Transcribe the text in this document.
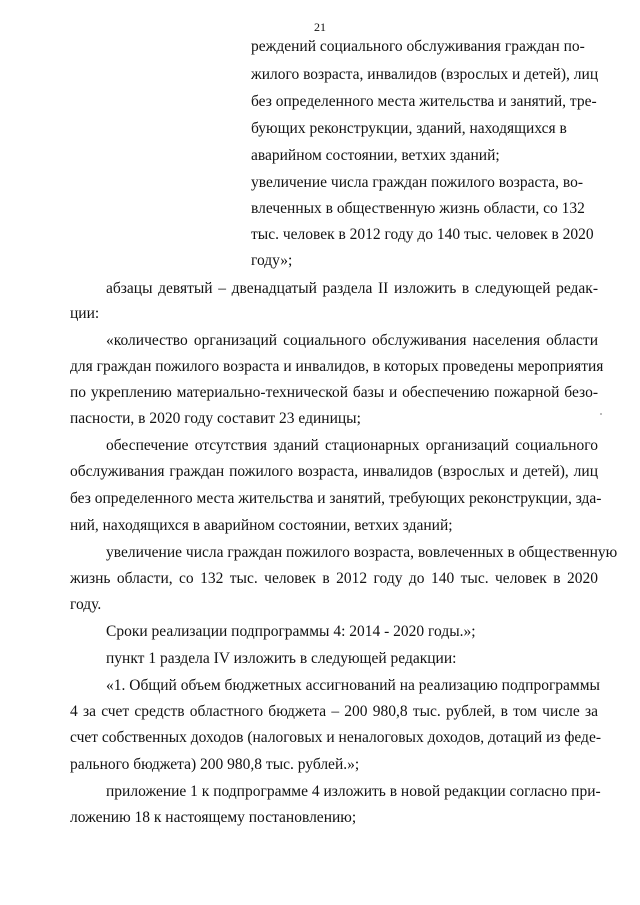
21
реждений социального обслуживания граждан по-
жилого возраста, инвалидов (взрослых и детей), лиц
без определенного места жительства и занятий, тре-
бующих реконструкции, зданий, находящихся в
аварийном состоянии, ветхих зданий;
увеличение числа граждан пожилого возраста, во-
влеченных в общественную жизнь области, со 132
тыс. человек в 2012 году до 140 тыс. человек в 2020
году»;
абзацы девятый – двенадцатый раздела II изложить в следующей редак-
ции:
«количество организаций социального обслуживания населения области
для граждан пожилого возраста и инвалидов, в которых проведены мероприятия
по укреплению материально-технической базы и обеспечению пожарной безо-
пасности, в 2020 году составит 23 единицы;
обеспечение отсутствия зданий стационарных организаций социального
обслуживания граждан пожилого возраста, инвалидов (взрослых и детей), лиц
без определенного места жительства и занятий, требующих реконструкции, зда-
ний, находящихся в аварийном состоянии, ветхих зданий;
увеличение числа граждан пожилого возраста, вовлеченных в общественную
жизнь области, со 132 тыс. человек в 2012 году до 140 тыс. человек в 2020
году.
Сроки реализации подпрограммы 4: 2014 - 2020 годы.»;
пункт 1 раздела IV изложить в следующей редакции:
«1. Общий объем бюджетных ассигнований на реализацию подпрограммы
4 за счет средств областного бюджета – 200 980,8 тыс. рублей, в том числе за
счет собственных доходов (налоговых и неналоговых доходов, дотаций из феде-
рального бюджета) 200 980,8 тыс. рублей.»;
приложение 1 к подпрограмме 4 изложить в новой редакции согласно при-
ложению 18 к настоящему постановлению;
